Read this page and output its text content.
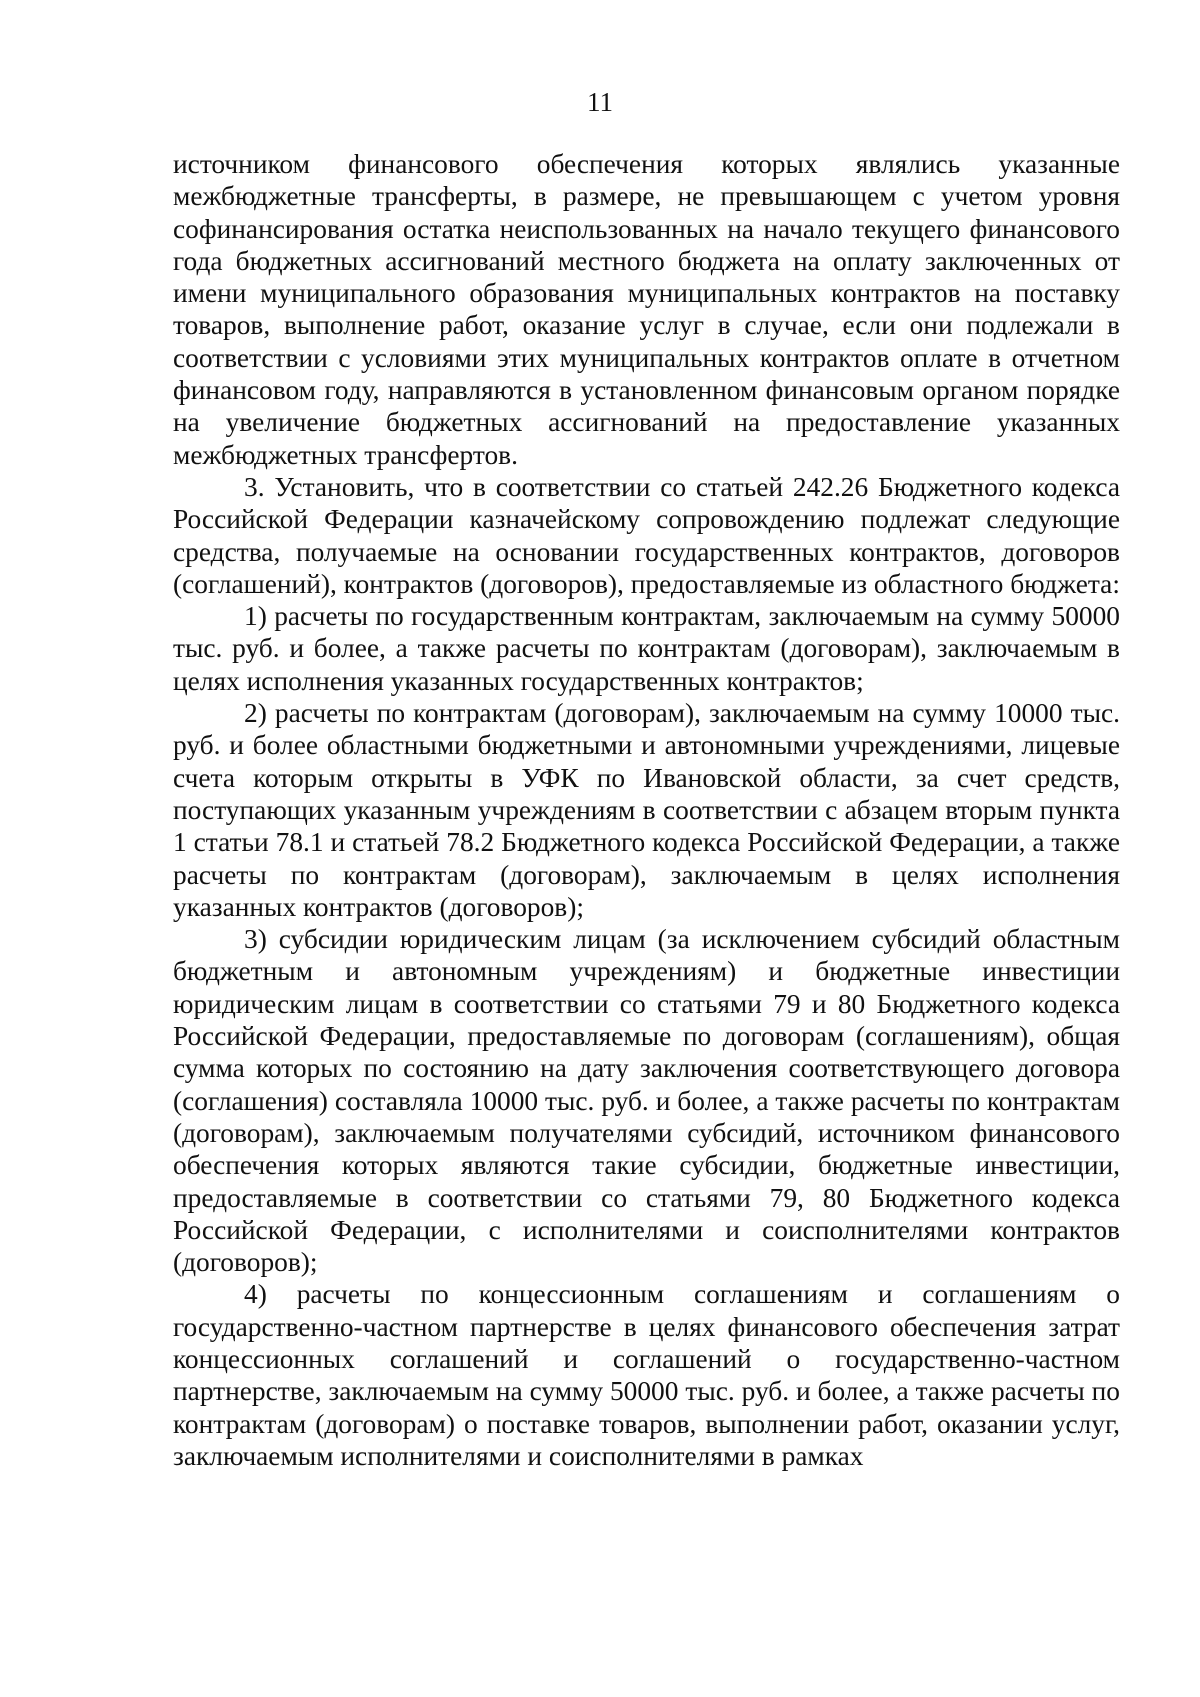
11

источником финансового обеспечения которых являлись указанные межбюджетные трансферты, в размере, не превышающем с учетом уровня софинансирования остатка неиспользованных на начало текущего финансового года бюджетных ассигнований местного бюджета на оплату заключенных от имени муниципального образования муниципальных контрактов на поставку товаров, выполнение работ, оказание услуг в случае, если они подлежали в соответствии с условиями этих муниципальных контрактов оплате в отчетном финансовом году, направляются в установленном финансовым органом порядке на увеличение бюджетных ассигнований на предоставление указанных межбюджетных трансфертов.

3. Установить, что в соответствии со статьей 242.26 Бюджетного кодекса Российской Федерации казначейскому сопровождению подлежат следующие средства, получаемые на основании государственных контрактов, договоров (соглашений), контрактов (договоров), предоставляемые из областного бюджета:

1) расчеты по государственным контрактам, заключаемым на сумму 50000 тыс. руб. и более, а также расчеты по контрактам (договорам), заключаемым в целях исполнения указанных государственных контрактов;

2) расчеты по контрактам (договорам), заключаемым на сумму 10000 тыс. руб. и более областными бюджетными и автономными учреждениями, лицевые счета которым открыты в УФК по Ивановской области, за счет средств, поступающих указанным учреждениям в соответствии с абзацем вторым пункта 1 статьи 78.1 и статьей 78.2 Бюджетного кодекса Российской Федерации, а также расчеты по контрактам (договорам), заключаемым в целях исполнения указанных контрактов (договоров);

3) субсидии юридическим лицам (за исключением субсидий областным бюджетным и автономным учреждениям) и бюджетные инвестиции юридическим лицам в соответствии со статьями 79 и 80 Бюджетного кодекса Российской Федерации, предоставляемые по договорам (соглашениям), общая сумма которых по состоянию на дату заключения соответствующего договора (соглашения) составляла 10000 тыс. руб. и более, а также расчеты по контрактам (договорам), заключаемым получателями субсидий, источником финансового обеспечения которых являются такие субсидии, бюджетные инвестиции, предоставляемые в соответствии со статьями 79, 80 Бюджетного кодекса Российской Федерации, с исполнителями и соисполнителями контрактов (договоров);

4) расчеты по концессионным соглашениям и соглашениям о государственно-частном партнерстве в целях финансового обеспечения затрат концессионных соглашений и соглашений о государственно-частном партнерстве, заключаемым на сумму 50000 тыс. руб. и более, а также расчеты по контрактам (договорам) о поставке товаров, выполнении работ, оказании услуг, заключаемым исполнителями и соисполнителями в рамках
